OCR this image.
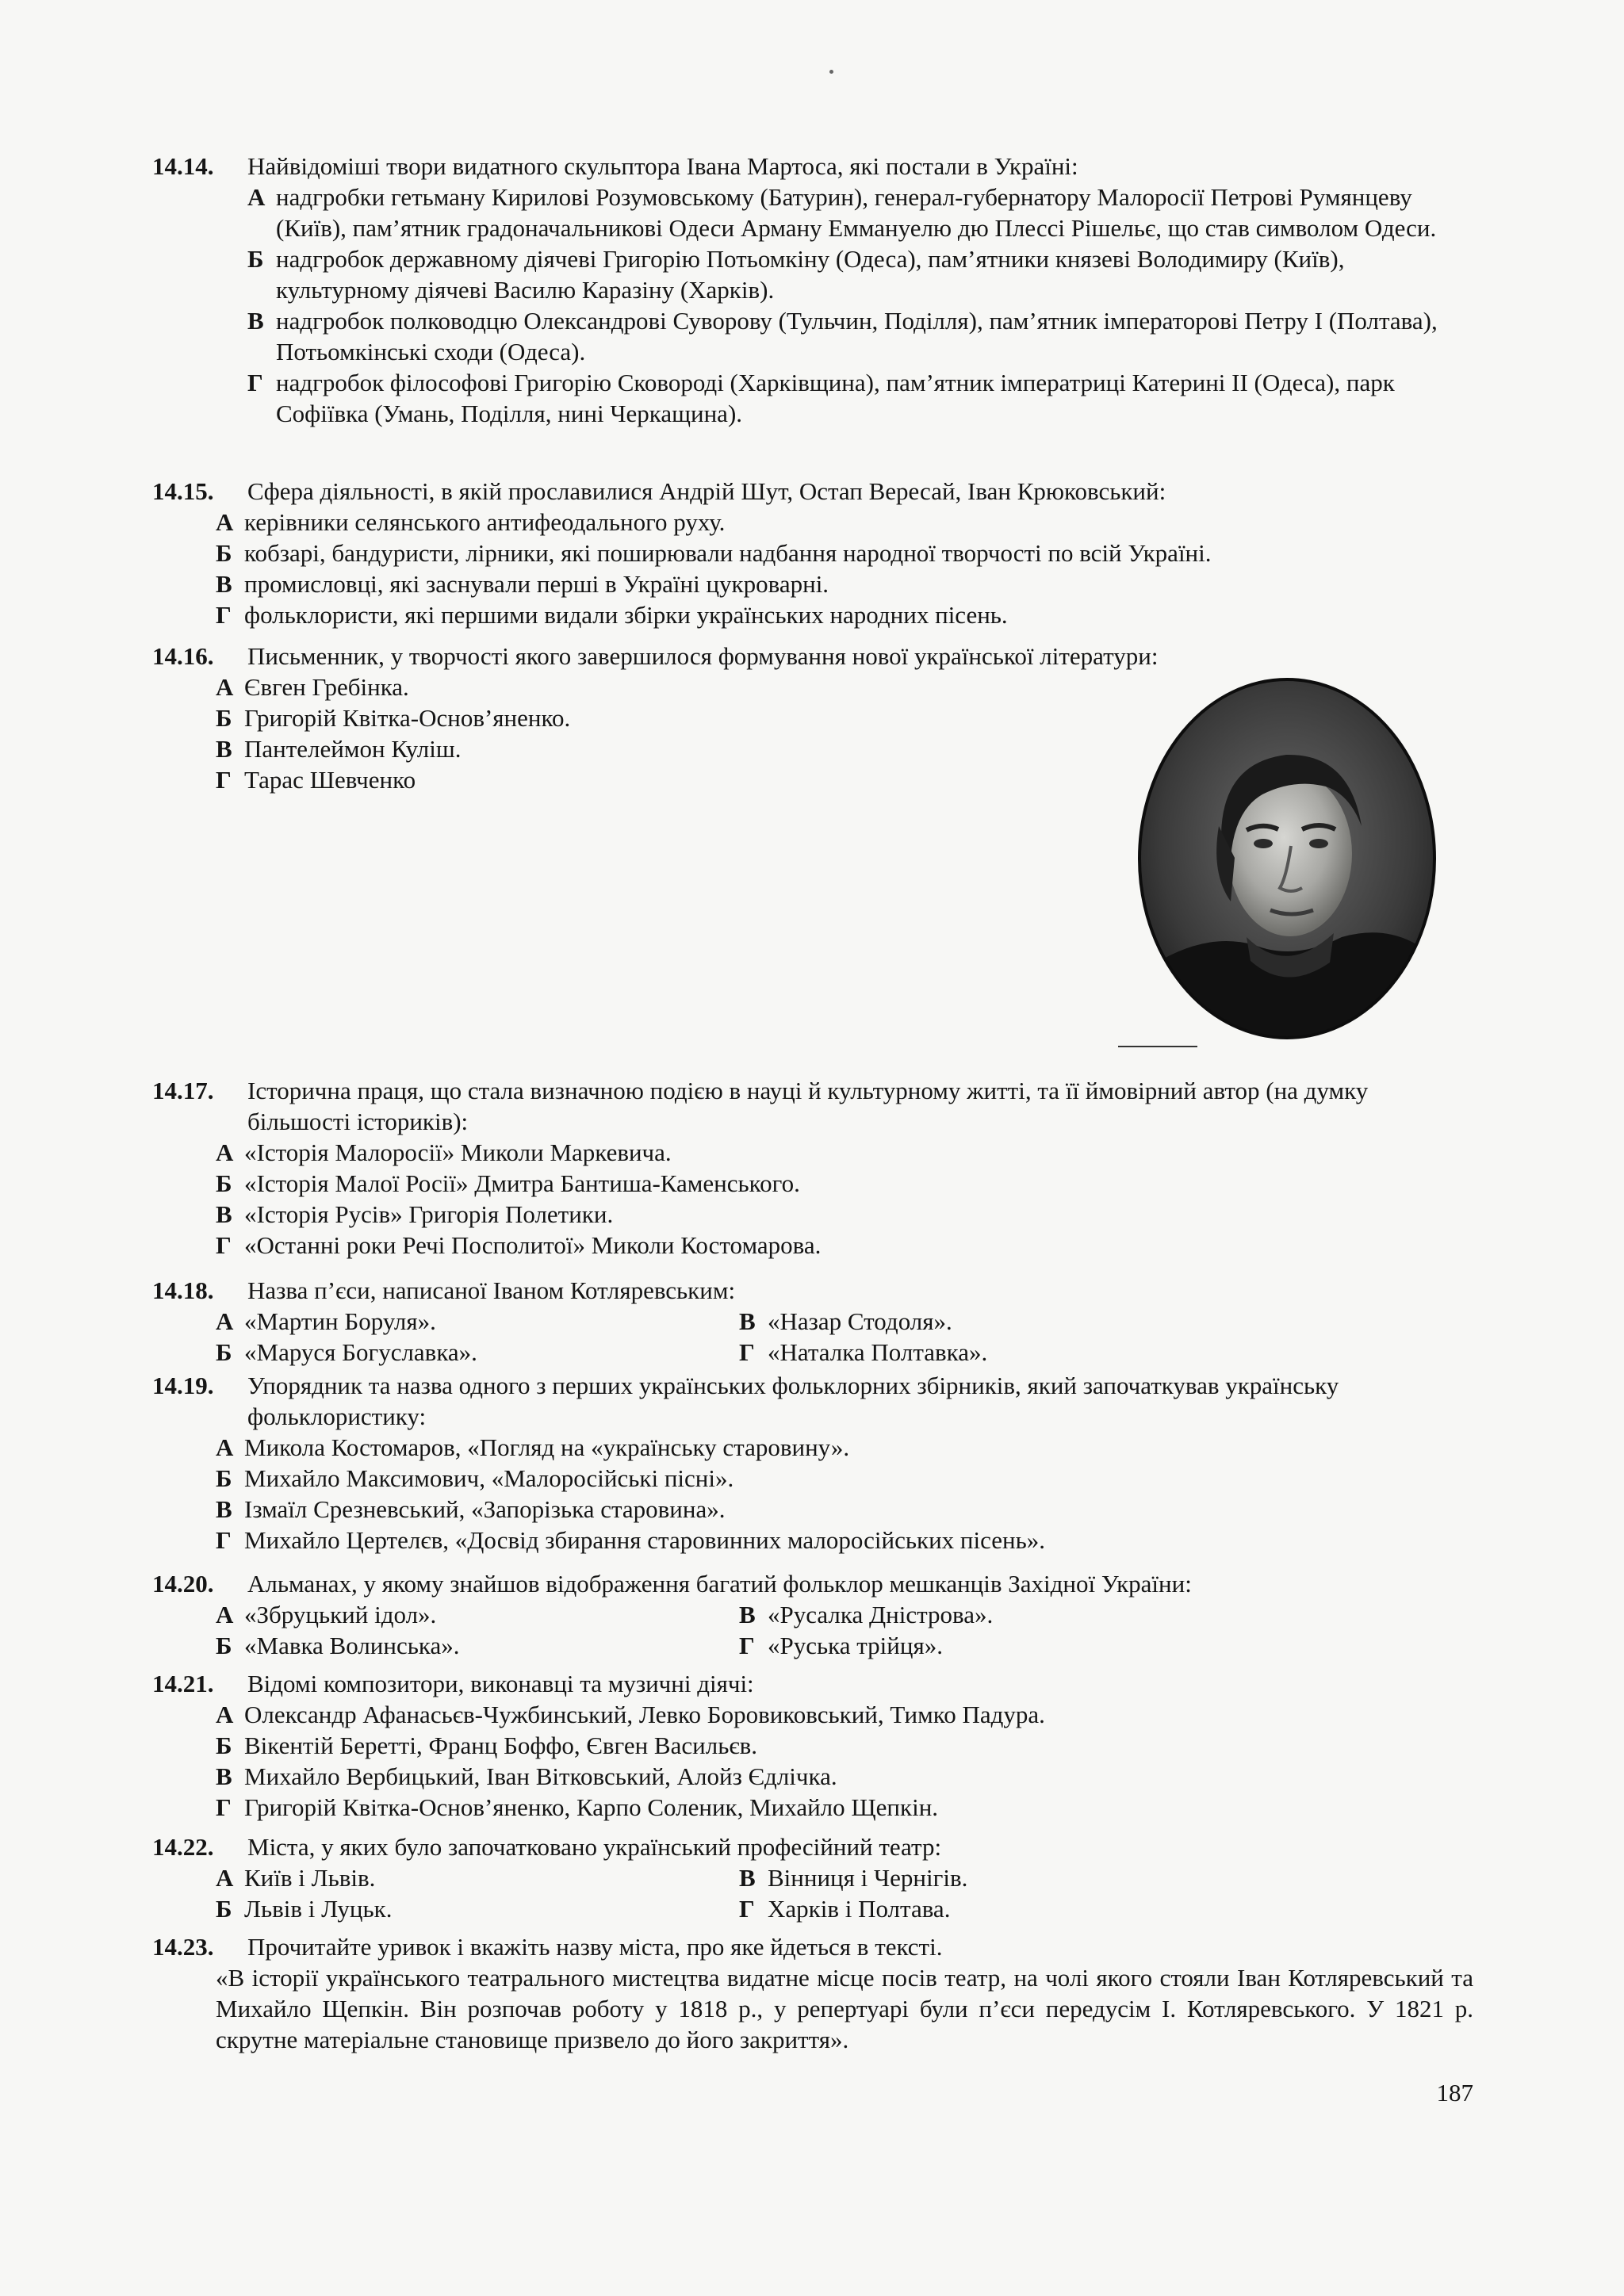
14.14.	Найвідоміші твори видатного скульптора Івана Мартоса, які постали в Україні:
А надгробки гетьману Кирилові Розумовському (Батурин), генерал-губернатору Малоросії Петрові Румянцеву (Київ), пам’ятник градоначальникові Одеси Арману Еммануелю дю Плессі Рішельє, що став символом Одеси.
Б надгробок державному діячеві Григорію Потьомкіну (Одеса), пам’ятники князеві Володимиру (Київ), культурному діячеві Василю Каразіну (Харків).
В надгробок полководцю Олександрові Суворову (Тульчин, Поділля), пам’ятник імператорові Петру І (Полтава), Потьомкінські сходи (Одеса).
Г надгробок філософові Григорію Сковороді (Харківщина), пам’ятник імператриці Катерині ІІ (Одеса), парк Софіївка (Умань, Поділля, нині Черкащина).
14.15.	Сфера діяльності, в якій прославилися Андрій Шут, Остап Вересай, Іван Крюковський:
А керівники селянського антифеодального руху.
Б кобзарі, бандуристи, лірники, які поширювали надбання народної творчості по всій Україні.
В промисловці, які заснували перші в Україні цукроварні.
Г фольклористи, які першими видали збірки українських народних пісень.
14.16.	Письменник, у творчості якого завершилося формування нової української літератури:
А Євген Гребінка.
Б Григорій Квітка-Основ’яненко.
В Пантелеймон Куліш.
Г Тарас Шевченко
14.17.	Історична праця, що стала визначною подією в науці й культурному житті, та її ймовірний автор (на думку більшості істориків):
А «Історія Малоросії» Миколи Маркевича.
Б «Історія Малої Росії» Дмитра Бантиша-Каменського.
В «Історія Русів» Григорія Полетики.
Г «Останні роки Речі Посполитої» Миколи Костомарова.
14.18.	Назва п’єси, написаної Іваном Котляревським:
А «Мартин Боруля».	В «Назар Стодоля».
Б «Маруся Богуславка».	Г «Наталка Полтавка».
14.19.	Упорядник та назва одного з перших українських фольклорних збірників, який започаткував українську фольклористику:
А Микола Костомаров, «Погляд на «українську старовину».
Б Михайло Максимович, «Малоросійські пісні».
В Ізмаїл Срезневський, «Запорізька старовина».
Г Михайло Цертелєв, «Досвід збирання старовинних малоросійських пісень».
14.20.	Альманах, у якому знайшов відображення багатий фольклор мешканців Західної України:
А «Збруцький ідол».	В «Русалка Дністрова».
Б «Мавка Волинська».	Г «Руська трійця».
14.21.	Відомі композитори, виконавці та музичні діячі:
А Олександр Афанасьєв-Чужбинський, Левко Боровиковський, Тимко Падура.
Б Вікентій Беретті, Франц Боффо, Євген Васильєв.
В Михайло Вербицький, Іван Вітковський, Алойз Єдлічка.
Г Григорій Квітка-Основ’яненко, Карпо Соленик, Михайло Щепкін.
14.22.	Міста, у яких було започатковано український професійний театр:
А Київ і Львів.	В Вінниця і Чернігів.
Б Львів і Луцьк.	Г Харків і Полтава.
14.23.	Прочитайте уривок і вкажіть назву міста, про яке йдеться в тексті.
«В історії українського театрального мистецтва видатне місце посів театр, на чолі якого стояли Іван Котляревський та Михайло Щепкін. Він розпочав роботу у 1818 р., у репертуарі були п’єси передусім І. Котляревського. У 1821 р. скрутне матеріальне становище призвело до його закриття».
187
